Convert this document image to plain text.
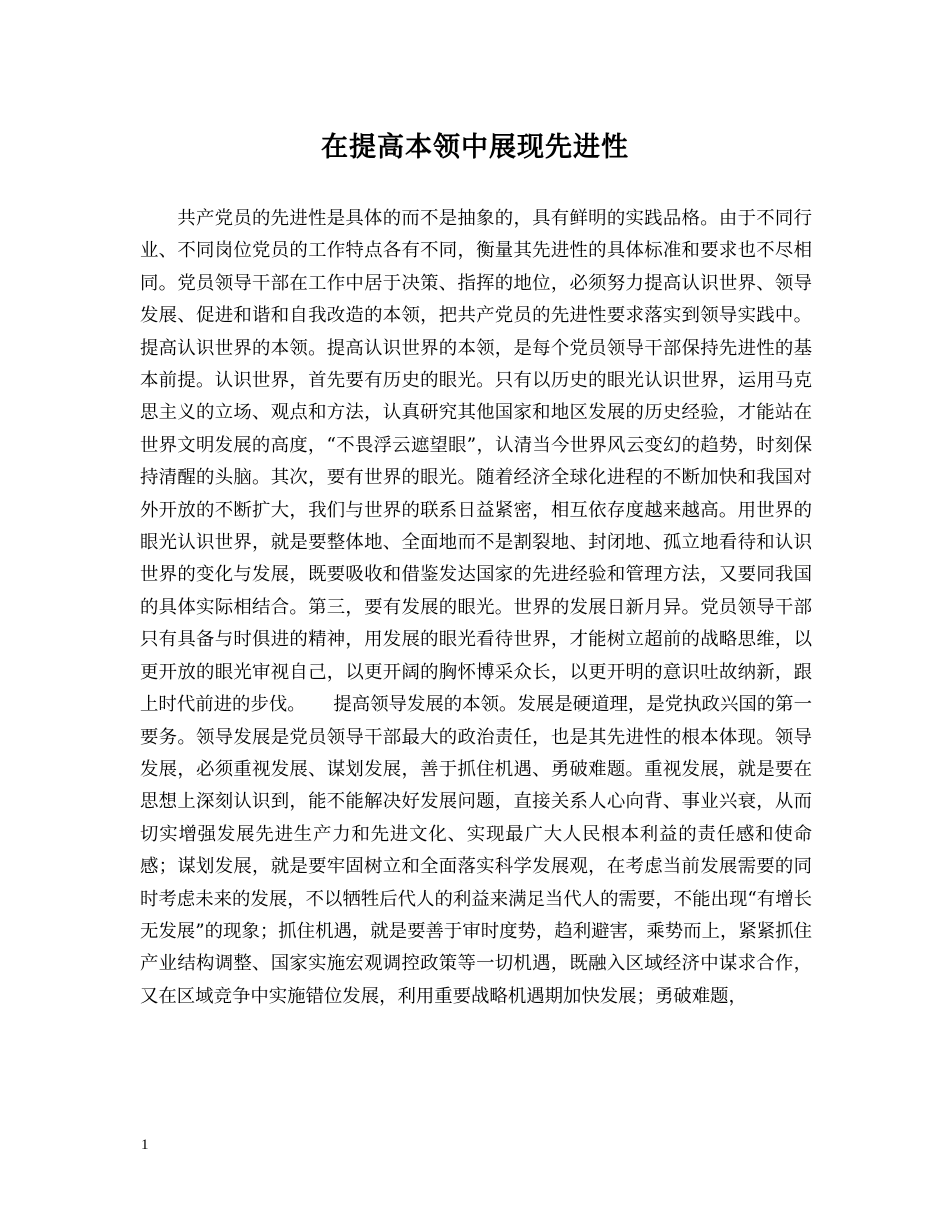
在提高本领中展现先进性

共产党员的先进性是具体的而不是抽象的，具有鲜明的实践品格。由于不同行业、不同岗位党员的工作特点各有不同，衡量其先进性的具体标准和要求也不尽相同。党员领导干部在工作中居于决策、指挥的地位，必须努力提高认识世界、领导发展、促进和谐和自我改造的本领，把共产党员的先进性要求落实到领导实践中。提高认识世界的本领。提高认识世界的本领，是每个党员领导干部保持先进性的基本前提。认识世界，首先要有历史的眼光。只有以历史的眼光认识世界，运用马克思主义的立场、观点和方法，认真研究其他国家和地区发展的历史经验，才能站在世界文明发展的高度，“不畏浮云遮望眼”，认清当今世界风云变幻的趋势，时刻保持清醒的头脑。其次，要有世界的眼光。随着经济全球化进程的不断加快和我国对外开放的不断扩大，我们与世界的联系日益紧密，相互依存度越来越高。用世界的眼光认识世界，就是要整体地、全面地而不是割裂地、封闭地、孤立地看待和认识世界的变化与发展，既要吸收和借鉴发达国家的先进经验和管理方法，又要同我国的具体实际相结合。第三，要有发展的眼光。世界的发展日新月异。党员领导干部只有具备与时俱进的精神，用发展的眼光看待世界，才能树立超前的战略思维，以更开放的眼光审视自己，以更开阔的胸怀博采众长，以更开明的意识吐故纳新，跟上时代前进的步伐。　　提高领导发展的本领。发展是硬道理，是党执政兴国的第一要务。领导发展是党员领导干部最大的政治责任，也是其先进性的根本体现。领导发展，必须重视发展、谋划发展，善于抓住机遇、勇破难题。重视发展，就是要在思想上深刻认识到，能不能解决好发展问题，直接关系人心向背、事业兴衰，从而切实增强发展先进生产力和先进文化、实现最广大人民根本利益的责任感和使命感；谋划发展，就是要牢固树立和全面落实科学发展观，在考虑当前发展需要的同时考虑未来的发展，不以牺牲后代人的利益来满足当代人的需要，不能出现“有增长无发展”的现象；抓住机遇，就是要善于审时度势，趋利避害，乘势而上，紧紧抓住产业结构调整、国家实施宏观调控政策等一切机遇，既融入区域经济中谋求合作，又在区域竞争中实施错位发展，利用重要战略机遇期加快发展；勇破难题，

1
